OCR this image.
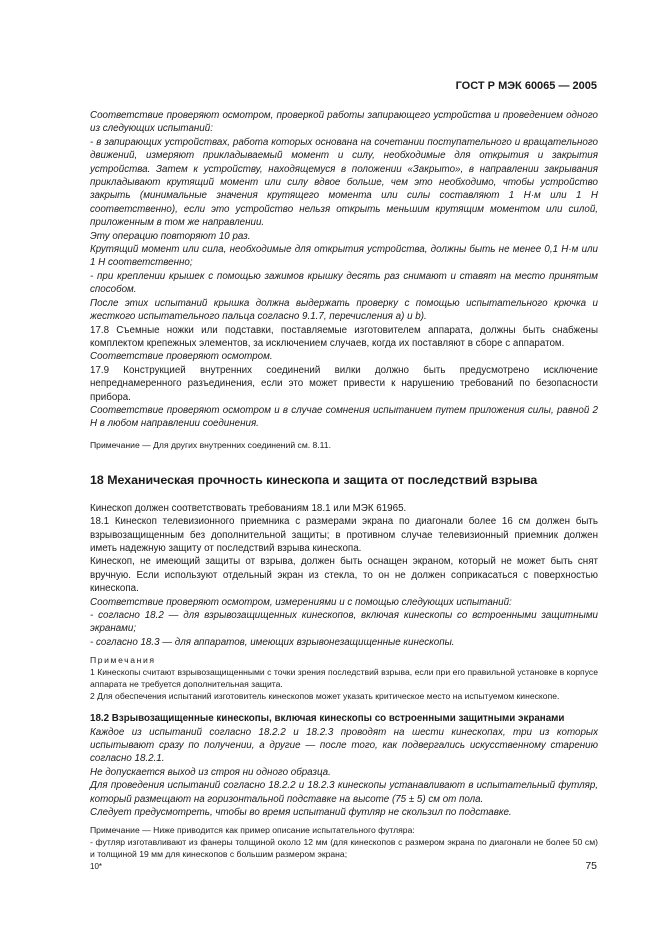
ГОСТ Р МЭК 60065 — 2005

Соответствие проверяют осмотром, проверкой работы запирающего устройства и проведением одного из следующих испытаний:

- в запирающих устройствах, работа которых основана на сочетании поступательного и вращательного движений, измеряют прикладываемый момент и силу, необходимые для открытия и закрытия устройства. Затем к устройству, находящемуся в положении «Закрыто», в направлении закрывания прикладывают крутящий момент или силу вдвое больше, чем это необходимо, чтобы устройство закрыть (минимальные значения крутящего момента или силы составляют 1 Н·м или 1 Н соответственно), если это устройство нельзя открыть меньшим крутящим моментом или силой, приложенным в том же направлении.

Эту операцию повторяют 10 раз.

Крутящий момент или сила, необходимые для открытия устройства, должны быть не менее 0,1 Н·м или 1 Н соответственно;

- при креплении крышек с помощью зажимов крышку десять раз снимают и ставят на место принятым способом.

После этих испытаний крышка должна выдержать проверку с помощью испытательного крючка и жесткого испытательного пальца согласно 9.1.7, перечисления a) и b).

17.8 Съемные ножки или подставки, поставляемые изготовителем аппарата, должны быть снабжены комплектом крепежных элементов, за исключением случаев, когда их поставляют в сборе с аппаратом.

Соответствие проверяют осмотром.

17.9 Конструкцией внутренних соединений вилки должно быть предусмотрено исключение непреднамеренного разъединения, если это может привести к нарушению требований по безопасности прибора.

Соответствие проверяют осмотром и в случае сомнения испытанием путем приложения силы, равной 2 Н в любом направлении соединения.

Примечание — Для других внутренних соединений см. 8.11.

18 Механическая прочность кинескопа и защита от последствий взрыва

Кинескоп должен соответствовать требованиям 18.1 или МЭК 61965.

18.1 Кинескоп телевизионного приемника с размерами экрана по диагонали более 16 см должен быть взрывозащищенным без дополнительной защиты; в противном случае телевизионный приемник должен иметь надежную защиту от последствий взрыва кинескопа.

Кинескоп, не имеющий защиты от взрыва, должен быть оснащен экраном, который не может быть снят вручную. Если используют отдельный экран из стекла, то он не должен соприкасаться с поверхностью кинескопа.

Соответствие проверяют осмотром, измерениями и с помощью следующих испытаний:

- согласно 18.2 — для взрывозащищенных кинескопов, включая кинескопы со встроенными защитными экранами;

- согласно 18.3 — для аппаратов, имеющих взрывонезащищенные кинескопы.

Примечания

1 Кинескопы считают взрывозащищенными с точки зрения последствий взрыва, если при его правильной установке в корпусе аппарата не требуется дополнительная защита.

2 Для обеспечения испытаний изготовитель кинескопов может указать критическое место на испытуемом кинескопе.

18.2 Взрывозащищенные кинескопы, включая кинескопы со встроенными защитными экранами

Каждое из испытаний согласно 18.2.2 и 18.2.3 проводят на шести кинескопах, три из которых испытывают сразу по получении, а другие — после того, как подвергались искусственному старению согласно 18.2.1.

Не допускается выход из строя ни одного образца.

Для проведения испытаний согласно 18.2.2 и 18.2.3 кинескопы устанавливают в испытательный футляр, который размещают на горизонтальной подставке на высоте (75 ± 5) см от пола.

Следует предусмотреть, чтобы во время испытаний футляр не скользил по подставке.

Примечание — Ниже приводится как пример описание испытательного футляра:

- футляр изготавливают из фанеры толщиной около 12 мм (для кинескопов с размером экрана по диагонали не более 50 см) и толщиной 19 мм для кинескопов с большим размером экрана;

10*	75
